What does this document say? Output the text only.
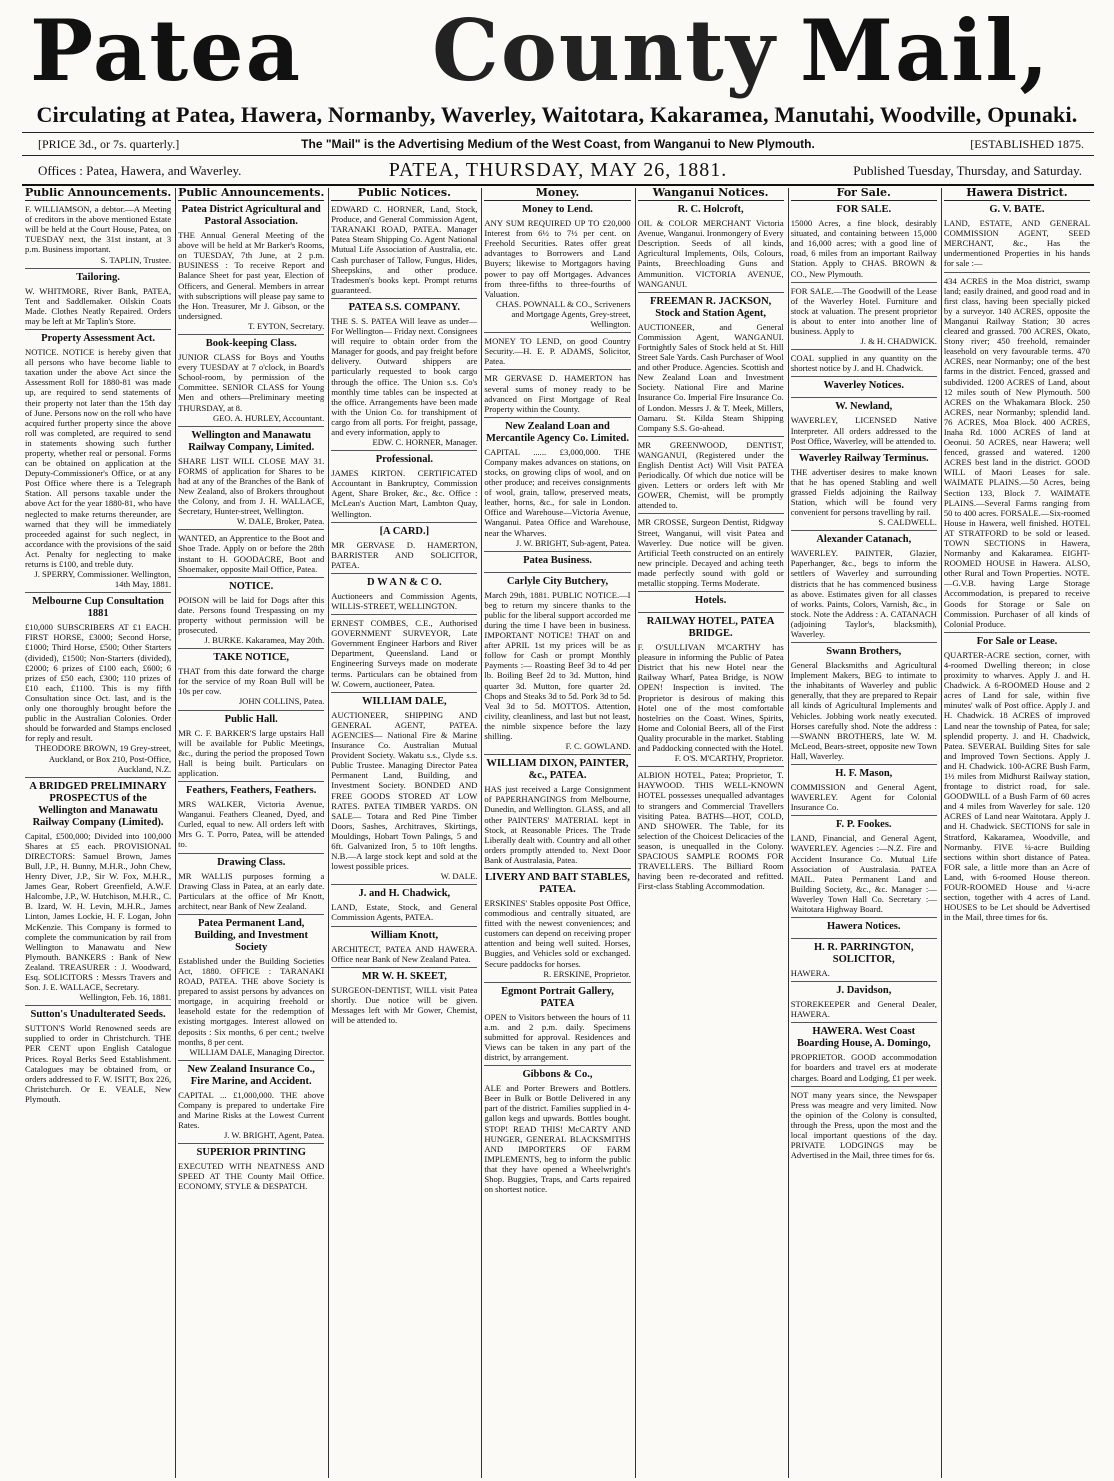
Patea County Mail,
Circulating at Patea, Hawera, Normanby, Waverley, Waitotara, Kakaramea, Manutahi, Woodville, Opunaki.
The "Mail" is the Advertising Medium of the West Coast, from Wanganui to New Plymouth.
[PRICE 3d., or 7s. quarterly.]	[ESTABLISHED 1875.
PATEA, THURSDAY, MAY 26, 1881.
Offices : Patea, Hawera, and Waverley.	Published Tuesday, Thursday, and Saturday.
Public Announcements.
F. WILLIAMSON, a debtor.—A Meeting of creditors in the above mentioned Estate will be held at the Court House, Patea, on TUESDAY next, the 31st instant, at 3 p.m. Business important.
S. TAPLIN, Trustee.
Tailoring.
W. WHITMORE, River Bank, PATEA, Tent and Saddlemaker. Oilskin Coats Made. Clothes Neatly Repaired. Orders may be left at Mr Taplin's Store.
Property Assessment Act.
NOTICE. NOTICE is hereby given that all persons who have become liable to taxation under the above Act since the Assessment Roll for 1880-81 was made up, are required to send statements of their property not later than the 15th day of June. Persons now on the roll who have acquired further property since the above roll was completed, are required to send in statements showing such further property, whether real or personal. Forms can be obtained on application at the Deputy-Commissioner's Office, or at any Post Office where there is a Telegraph Station. All persons taxable under the above Act for the year 1880-81, who have neglected to make returns thereunder, are warned that they will be immediately proceeded against for such neglect, in accordance with the provisions of the said Act. Penalty for neglecting to make returns is £100, and treble duty.
J. SPERRY, Commissioner. Wellington, 14th May, 1881.
Melbourne Cup Consultation 1881
£10,000 SUBSCRIBERS AT £1 EACH. FIRST HORSE, £3000; Second Horse, £1000; Third Horse, £500; Other Starters (divided), £1500; Non-Starters (divided), £2000; 6 prizes of £100 each, £600; 6 prizes of £50 each, £300; 110 prizes of £10 each, £1100. This is my fifth Consultation since Oct. last, and is the only one thoroughly brought before the public in the Australian Colonies. Order should be forwarded and Stamps enclosed for reply and result.
THEODORE BROWN, 19 Grey-street, Auckland, or Box 210, Post-Office, Auckland, N.Z.
A BRIDGED PRELIMINARY PROSPECTUS of the Wellington and Manawatu Railway Company (Limited).
Capital, £500,000; Divided into 100,000 Shares at £5 each. PROVISIONAL DIRECTORS: Samuel Brown, James Bull, J.P., H. Bunny, M.H.R., John Chew, Henry Diver, J.P., Sir W. Fox, M.H.R., James Gear, Robert Greenfield, A.W.F. Halcombe, J.P., W. Hutchison, M.H.R., C. B. Izard, W. H. Levin, M.H.R., James Linton, James Lockie, H. F. Logan, John McKenzie. This Company is formed to complete the communication by rail from Wellington to Manawatu and New Plymouth. BANKERS : Bank of New Zealand. TREASURER : J. Woodward, Esq. SOLICITORS : Messrs Travers and Son. J. E. WALLACE, Secretary.
Wellington, Feb. 16, 1881.
Sutton's Unadulterated Seeds.
SUTTON'S World Renowned seeds are supplied to order in Christchurch. THE PER CENT upon English Catalogue Prices. Royal Berks Seed Establishment. Catalogues may be obtained from, or orders addressed to F. W. ISITT, Box 226, Christchurch. Or E. VEALE, New Plymouth.
Public Announcements.
Patea District Agricultural and Pastoral Association.
THE Annual General Meeting of the above will be held at Mr Barker's Rooms, on TUESDAY, 7th June, at 2 p.m. BUSINESS : To receive Report and Balance Sheet for past year, Election of Officers, and General. Members in arrear with subscriptions will please pay same to the Hon. Treasurer, Mr J. Gibson, or the undersigned.
T. EYTON, Secretary.
Book-keeping Class.
JUNIOR CLASS for Boys and Youths every TUESDAY at 7 o'clock, in Board's School-room, by permission of the Committee. SENIOR CLASS for Young Men and others—Preliminary meeting THURSDAY, at 8.
GEO. A. HURLEY, Accountant.
Wellington and Manawatu Railway Company, Limited.
SHARE LIST WILL CLOSE MAY 31. FORMS of application for Shares to be had at any of the Branches of the Bank of New Zealand, also of Brokers throughout the Colony, and from J. H. WALLACE, Secretary, Hunter-street, Wellington.
W. DALE, Broker, Patea.
WANTED, an Apprentice to the Boot and Shoe Trade. Apply on or before the 28th instant to H. GOODACRE, Boot and Shoemaker, opposite Mail Office, Patea.
NOTICE.
POISON will be laid for Dogs after this date. Persons found Trespassing on my property without permission will be prosecuted.
J. BURKE. Kakaramea, May 20th.
TAKE NOTICE,
THAT from this date forward the charge for the service of my Roan Bull will be 10s per cow.
JOHN COLLINS, Patea.
Public Hall.
MR C. F. BARKER'S large upstairs Hall will be available for Public Meetings, &c., during the period the proposed Town Hall is being built. Particulars on application.
Feathers, Feathers, Feathers.
MRS WALKER, Victoria Avenue, Wanganui. Feathers Cleaned, Dyed, and Curled, equal to new. All orders left with Mrs G. T. Porro, Patea, will be attended to.
Drawing Class.
MR WALLIS purposes forming a Drawing Class in Patea, at an early date. Particulars at the office of Mr Knott, architect, near Bank of New Zealand.
Patea Permanent Land, Building, and Investment Society
Established under the Building Societies Act, 1880. OFFICE : TARANAKI ROAD, PATEA. THE above Society is prepared to assist persons by advances on mortgage, in acquiring freehold or leasehold estate for the redemption of existing mortgages. Interest allowed on deposits : Six months, 6 per cent.; twelve months, 8 per cent.
WILLIAM DALE, Managing Director.
New Zealand Insurance Co., Fire Marine, and Accident.
CAPITAL ... £1,000,000. THE above Company is prepared to undertake Fire and Marine Risks at the Lowest Current Rates.
J. W. BRIGHT, Agent, Patea.
SUPERIOR PRINTING
EXECUTED WITH NEATNESS AND SPEED AT THE County Mail Office. ECONOMY, STYLE & DESPATCH.
Public Notices.
EDWARD C. HORNER, Land, Stock, Produce, and General Commission Agent, TARANAKI ROAD, PATEA. Manager Patea Steam Shipping Co. Agent National Mutual Life Association of Australia, etc. Cash purchaser of Tallow, Fungus, Hides, Sheepskins, and other produce. Tradesmen's books kept. Prompt returns guaranteed.
PATEA S.S. COMPANY.
THE S. S. PATEA Will leave as under— For Wellington— Friday next. Consignees will require to obtain order from the Manager for goods, and pay freight before delivery. Outward shippers are particularly requested to book cargo through the office. The Union s.s. Co's monthly time tables can be inspected at the office. Arrangements have been made with the Union Co. for transhipment of cargo from all ports. For freight, passage, and every information, apply to
EDW. C. HORNER, Manager.
Professional.
JAMES KIRTON. CERTIFICATED Accountant in Bankruptcy, Commission Agent, Share Broker, &c., &c. Office : McLean's Auction Mart, Lambton Quay, Wellington.
[A CARD.]
MR GERVASE D. HAMERTON, BARRISTER AND SOLICITOR, PATEA.
D W A N & C O.
Auctioneers and Commission Agents, WILLIS-STREET, WELLINGTON.
ERNEST COMBES, C.E., Authorised GOVERNMENT SURVEYOR, Late Government Engineer Harbors and River Department, Queensland. Land or Engineering Surveys made on moderate terms. Particulars can be obtained from W. Cowern, auctioneer, Patea.
WILLIAM DALE,
AUCTIONEER, SHIPPING AND GENERAL AGENT, PATEA. AGENCIES— National Fire & Marine Insurance Co. Australian Mutual Provident Society. Wakatu s.s., Clyde s.s. Public Trustee. Managing Director Patea Permanent Land, Building, and Investment Society. BONDED AND FREE GOODS STORED AT LOW RATES. PATEA TIMBER YARDS. ON SALE— Totara and Red Pine Timber Doors, Sashes, Architraves, Skirtings, Mouldings, Hobart Town Palings, 5 and 6ft. Galvanized Iron, 5 to 10ft lengths. N.B.—A large stock kept and sold at the lowest possible prices.
W. DALE.
J. and H. Chadwick,
LAND, Estate, Stock, and General Commission Agents, PATEA.
William Knott,
ARCHITECT, PATEA AND HAWERA. Office near Bank of New Zealand Patea.
MR W. H. SKEET,
SURGEON-DENTIST, WILL visit Patea shortly. Due notice will be given. Messages left with Mr Gower, Chemist, will be attended to.
Money.
Money to Lend.
ANY SUM REQUIRED UP TO £20,000 Interest from 6½ to 7½ per cent. on Freehold Securities. Rates offer great advantages to Borrowers and Land Buyers; likewise to Mortgagors having power to pay off Mortgages. Advances from three-fifths to three-fourths of Valuation.
CHAS. POWNALL & CO., Scriveners and Mortgage Agents, Grey-street, Wellington.
MONEY TO LEND, on good Country Security.—H. E. P. ADAMS, Solicitor, Patea.
MR GERVASE D. HAMERTON has several sums of money ready to be advanced on First Mortgage of Real Property within the County.
New Zealand Loan and Mercantile Agency Co. Limited.
CAPITAL ...... £3,000,000. THE Company makes advances on stations, on stocks, on growing clips of wool, and on other produce; and receives consignments of wool, grain, tallow, preserved meats, leather, horns, &c., for sale in London. Office and Warehouse—Victoria Avenue, Wanganui. Patea Office and Warehouse, near the Wharves.
J. W. BRIGHT, Sub-agent, Patea.
Patea Business.
Carlyle City Butchery,
March 29th, 1881. PUBLIC NOTICE.—I beg to return my sincere thanks to the public for the liberal support accorded me during the time I have been in business. IMPORTANT NOTICE! THAT on and after APRIL 1st my prices will be as follow for Cash or prompt Monthly Payments :— Roasting Beef 3d to 4d per lb. Boiling Beef 2d to 3d. Mutton, hind quarter 3d. Mutton, fore quarter 2d. Chops and Steaks 3d to 5d. Pork 3d to 5d. Veal 3d to 5d. MOTTOS. Attention, civility, cleanliness, and last but not least, the nimble sixpence before the lazy shilling.
F. C. GOWLAND.
WILLIAM DIXON, PAINTER, &c., PATEA.
HAS just received a Large Consignment of PAPERHANGINGS from Melbourne, Dunedin, and Wellington. GLASS, and all other PAINTERS' MATERIAL kept in Stock, at Reasonable Prices. The Trade Liberally dealt with. Country and all other orders promptly attended to. Next Door Bank of Australasia, Patea.
LIVERY AND BAIT STABLES, PATEA.
ERSKINES' Stables opposite Post Office, commodious and centrally situated, are fitted with the newest conveniences; and customers can depend on receiving proper attention and being well suited. Horses, Buggies, and Vehicles sold or exchanged. Secure paddocks for horses.
R. ERSKINE, Proprietor.
Egmont Portrait Gallery, PATEA
OPEN to Visitors between the hours of 11 a.m. and 2 p.m. daily. Specimens submitted for approval. Residences and Views can be taken in any part of the district, by arrangement.
Gibbons & Co.,
ALE and Porter Brewers and Bottlers. Beer in Bulk or Bottle Delivered in any part of the district. Families supplied in 4-gallon kegs and upwards. Bottles bought. STOP! READ THIS! McCARTY AND HUNGER, GENERAL BLACKSMITHS AND IMPORTERS OF FARM IMPLEMENTS, beg to inform the public that they have opened a Wheelwright's Shop. Buggies, Traps, and Carts repaired on shortest notice.
Wanganui Notices.
R. C. Holcroft,
OIL & COLOR MERCHANT Victoria Avenue, Wanganui. Ironmongery of Every Description. Seeds of all kinds, Agricultural Implements, Oils, Colours, Paints, Breechloading Guns and Ammunition. VICTORIA AVENUE, WANGANUI.
FREEMAN R. JACKSON, Stock and Station Agent,
AUCTIONEER, and General Commission Agent, WANGANUI. Fortnightly Sales of Stock held at St. Hill Street Sale Yards. Cash Purchaser of Wool and other Produce. Agencies. Scottish and New Zealand Loan and Investment Society. National Fire and Marine Insurance Co. Imperial Fire Insurance Co. of London. Messrs J. & T. Meek, Millers, Oamaru. St. Kilda Steam Shipping Company S.S. Go-ahead.
MR GREENWOOD, DENTIST, WANGANUI, (Registered under the English Dentist Act) Will Visit PATEA Periodically. Of which due notice will be given. Letters or orders left with Mr GOWER, Chemist, will be promptly attended to.
MR CROSSE, Surgeon Dentist, Ridgway Street, Wanganui, will visit Patea and Waverley. Due notice will be given. Artificial Teeth constructed on an entirely new principle. Decayed and aching teeth made perfectly sound with gold or metallic stopping. Terms Moderate.
Hotels.
RAILWAY HOTEL, PATEA BRIDGE.
F. O'SULLIVAN M'CARTHY has pleasure in informing the Public of Patea District that his new Hotel near the Railway Wharf, Patea Bridge, is NOW OPEN! Inspection is invited. The Proprietor is desirous of making this Hotel one of the most comfortable hostelries on the Coast. Wines, Spirits, Home and Colonial Beers, all of the First Quality procurable in the market. Stabling and Paddocking connected with the Hotel.
F. O'S. M'CARTHY, Proprietor.
ALBION HOTEL, Patea; Proprietor, T. HAYWOOD. THIS WELL-KNOWN HOTEL possesses unequalled advantages to strangers and Commercial Travellers visiting Patea. BATHS—HOT, COLD, AND SHOWER. The Table, for its selection of the Choicest Delicacies of the season, is unequalled in the Colony. SPACIOUS SAMPLE ROOMS FOR TRAVELLERS. The Billiard Room having been re-decorated and refitted. First-class Stabling Accommodation.
For Sale.
FOR SALE.
15000 Acres, a fine block, desirably situated, and containing between 15,000 and 16,000 acres; with a good line of road, 6 miles from an important Railway Station. Apply to CHAS. BROWN & CO., New Plymouth.
FOR SALE.—The Goodwill of the Lease of the Waverley Hotel. Furniture and stock at valuation. The present proprietor is about to enter into another line of business. Apply to
J. & H. CHADWICK.
COAL supplied in any quantity on the shortest notice by J. and H. Chadwick.
Waverley Notices.
W. Newland,
WAVERLEY, LICENSED Native Interpreter. All orders addressed to the Post Office, Waverley, will be attended to.
Waverley Railway Terminus.
THE advertiser desires to make known that he has opened Stabling and well grassed Fields adjoining the Railway Station, which will be found very convenient for persons travelling by rail.
S. CALDWELL.
Alexander Catanach,
WAVERLEY. PAINTER, Glazier, Paperhanger, &c., begs to inform the settlers of Waverley and surrounding districts that he has commenced business as above. Estimates given for all classes of works. Paints, Colors, Varnish, &c., in stock. Note the Address : A. CATANACH (adjoining Taylor's, blacksmith), Waverley.
Swann Brothers,
General Blacksmiths and Agricultural Implement Makers, BEG to intimate to the inhabitants of Waverley and public generally, that they are prepared to Repair all kinds of Agricultural Implements and Vehicles. Jobbing work neatly executed. Horses carefully shod. Note the address :—SWANN BROTHERS, late W. M. McLeod, Bears-street, opposite new Town Hall, Waverley.
H. F. Mason,
COMMISSION and General Agent, WAVERLEY. Agent for Colonial Insurance Co.
F. P. Fookes.
LAND, Financial, and General Agent, WAVERLEY. Agencies :—N.Z. Fire and Accident Insurance Co. Mutual Life Association of Australasia. PATEA MAIL. Patea Permanent Land and Building Society, &c., &c. Manager :—Waverley Town Hall Co. Secretary :—Waitotara Highway Board.
Hawera Notices.
H. R. PARRINGTON, SOLICITOR,
HAWERA.
J. Davidson,
STOREKEEPER and General Dealer, HAWERA.
HAWERA. West Coast Boarding House, A. Domingo,
PROPRIETOR. GOOD accommodation for boarders and travel ers at moderate charges. Board and Lodging, £1 per week.
NOT many years since, the Newspaper Press was meagre and very limited. Now the opinion of the Colony is consulted, through the Press, upon the most and the local important questions of the day. PRIVATE LODGINGS may be Advertised in the Mail, three times for 6s.
Hawera District.
G. V. BATE.
LAND, ESTATE, AND GENERAL COMMISSION AGENT, SEED MERCHANT, &c., Has the undermentioned Properties in his hands for sale :—
434 ACRES in the Moa district, swamp land; easily drained, and good road and in first class, having been specially picked by a surveyor. 140 ACRES, opposite the Manganui Railway Station; 30 acres cleared and grassed. 700 ACRES, Okato, Stony river; 450 freehold, remainder leasehold on very favourable terms. 470 ACRES, near Normanby; one of the best farms in the district. Fenced, grassed and subdivided. 1200 ACRES of Land, about 12 miles south of New Plymouth. 500 ACRES on the Whakamara Block. 250 ACRES, near Normanby; splendid land. 76 ACRES, Moa Block. 400 ACRES, Inaha Rd. 1000 ACRES of land at Oeonui. 50 ACRES, near Hawera; well fenced, grassed and watered. 1200 ACRES best land in the district. GOOD WILL of Maori Leases for sale. WAIMATE PLAINS.—50 Acres, being Section 133, Block 7. WAIMATE PLAINS.—Several Farms ranging from 50 to 400 acres. FORSALE.—Six-roomed House in Hawera, well finished. HOTEL AT STRATFORD to be sold or leased. TOWN SECTIONS in Hawera, Normanby and Kakaramea. EIGHT-ROOMED HOUSE in Hawera. ALSO, other Rural and Town Properties. NOTE.—G.V.B. having Large Storage Accommodation, is prepared to receive Goods for Storage or Sale on Commission. Purchaser of all kinds of Colonial Produce.
For Sale or Lease.
QUARTER-ACRE section, corner, with 4-roomed Dwelling thereon; in close proximity to wharves. Apply J. and H. Chadwick. A 6-ROOMED House and 2 acres of Land for sale, within five minutes' walk of Post office. Apply J. and H. Chadwick. 18 ACRES of improved Land near the township of Patea, for sale; splendid property. J. and H. Chadwick, Patea. SEVERAL Building Sites for sale and Improved Town Sections. Apply J. and H. Chadwick. 100-ACRE Bush Farm, 1½ miles from Midhurst Railway station, frontage to district road, for sale. GOODWILL of a Bush Farm of 60 acres and 4 miles from Waverley for sale. 120 ACRES of Land near Waitotara. Apply J. and H. Chadwick. SECTIONS for sale in Stratford, Kakaramea, Woodville, and Normanby. FIVE ¼-acre Building sections within short distance of Patea. FOR sale, a little more than an Acre of Land, with 6-roomed House thereon. FOUR-ROOMED House and ¼-acre section, together with 4 acres of Land. HOUSES to be Let should be Advertised in the Mail, three times for 6s.
